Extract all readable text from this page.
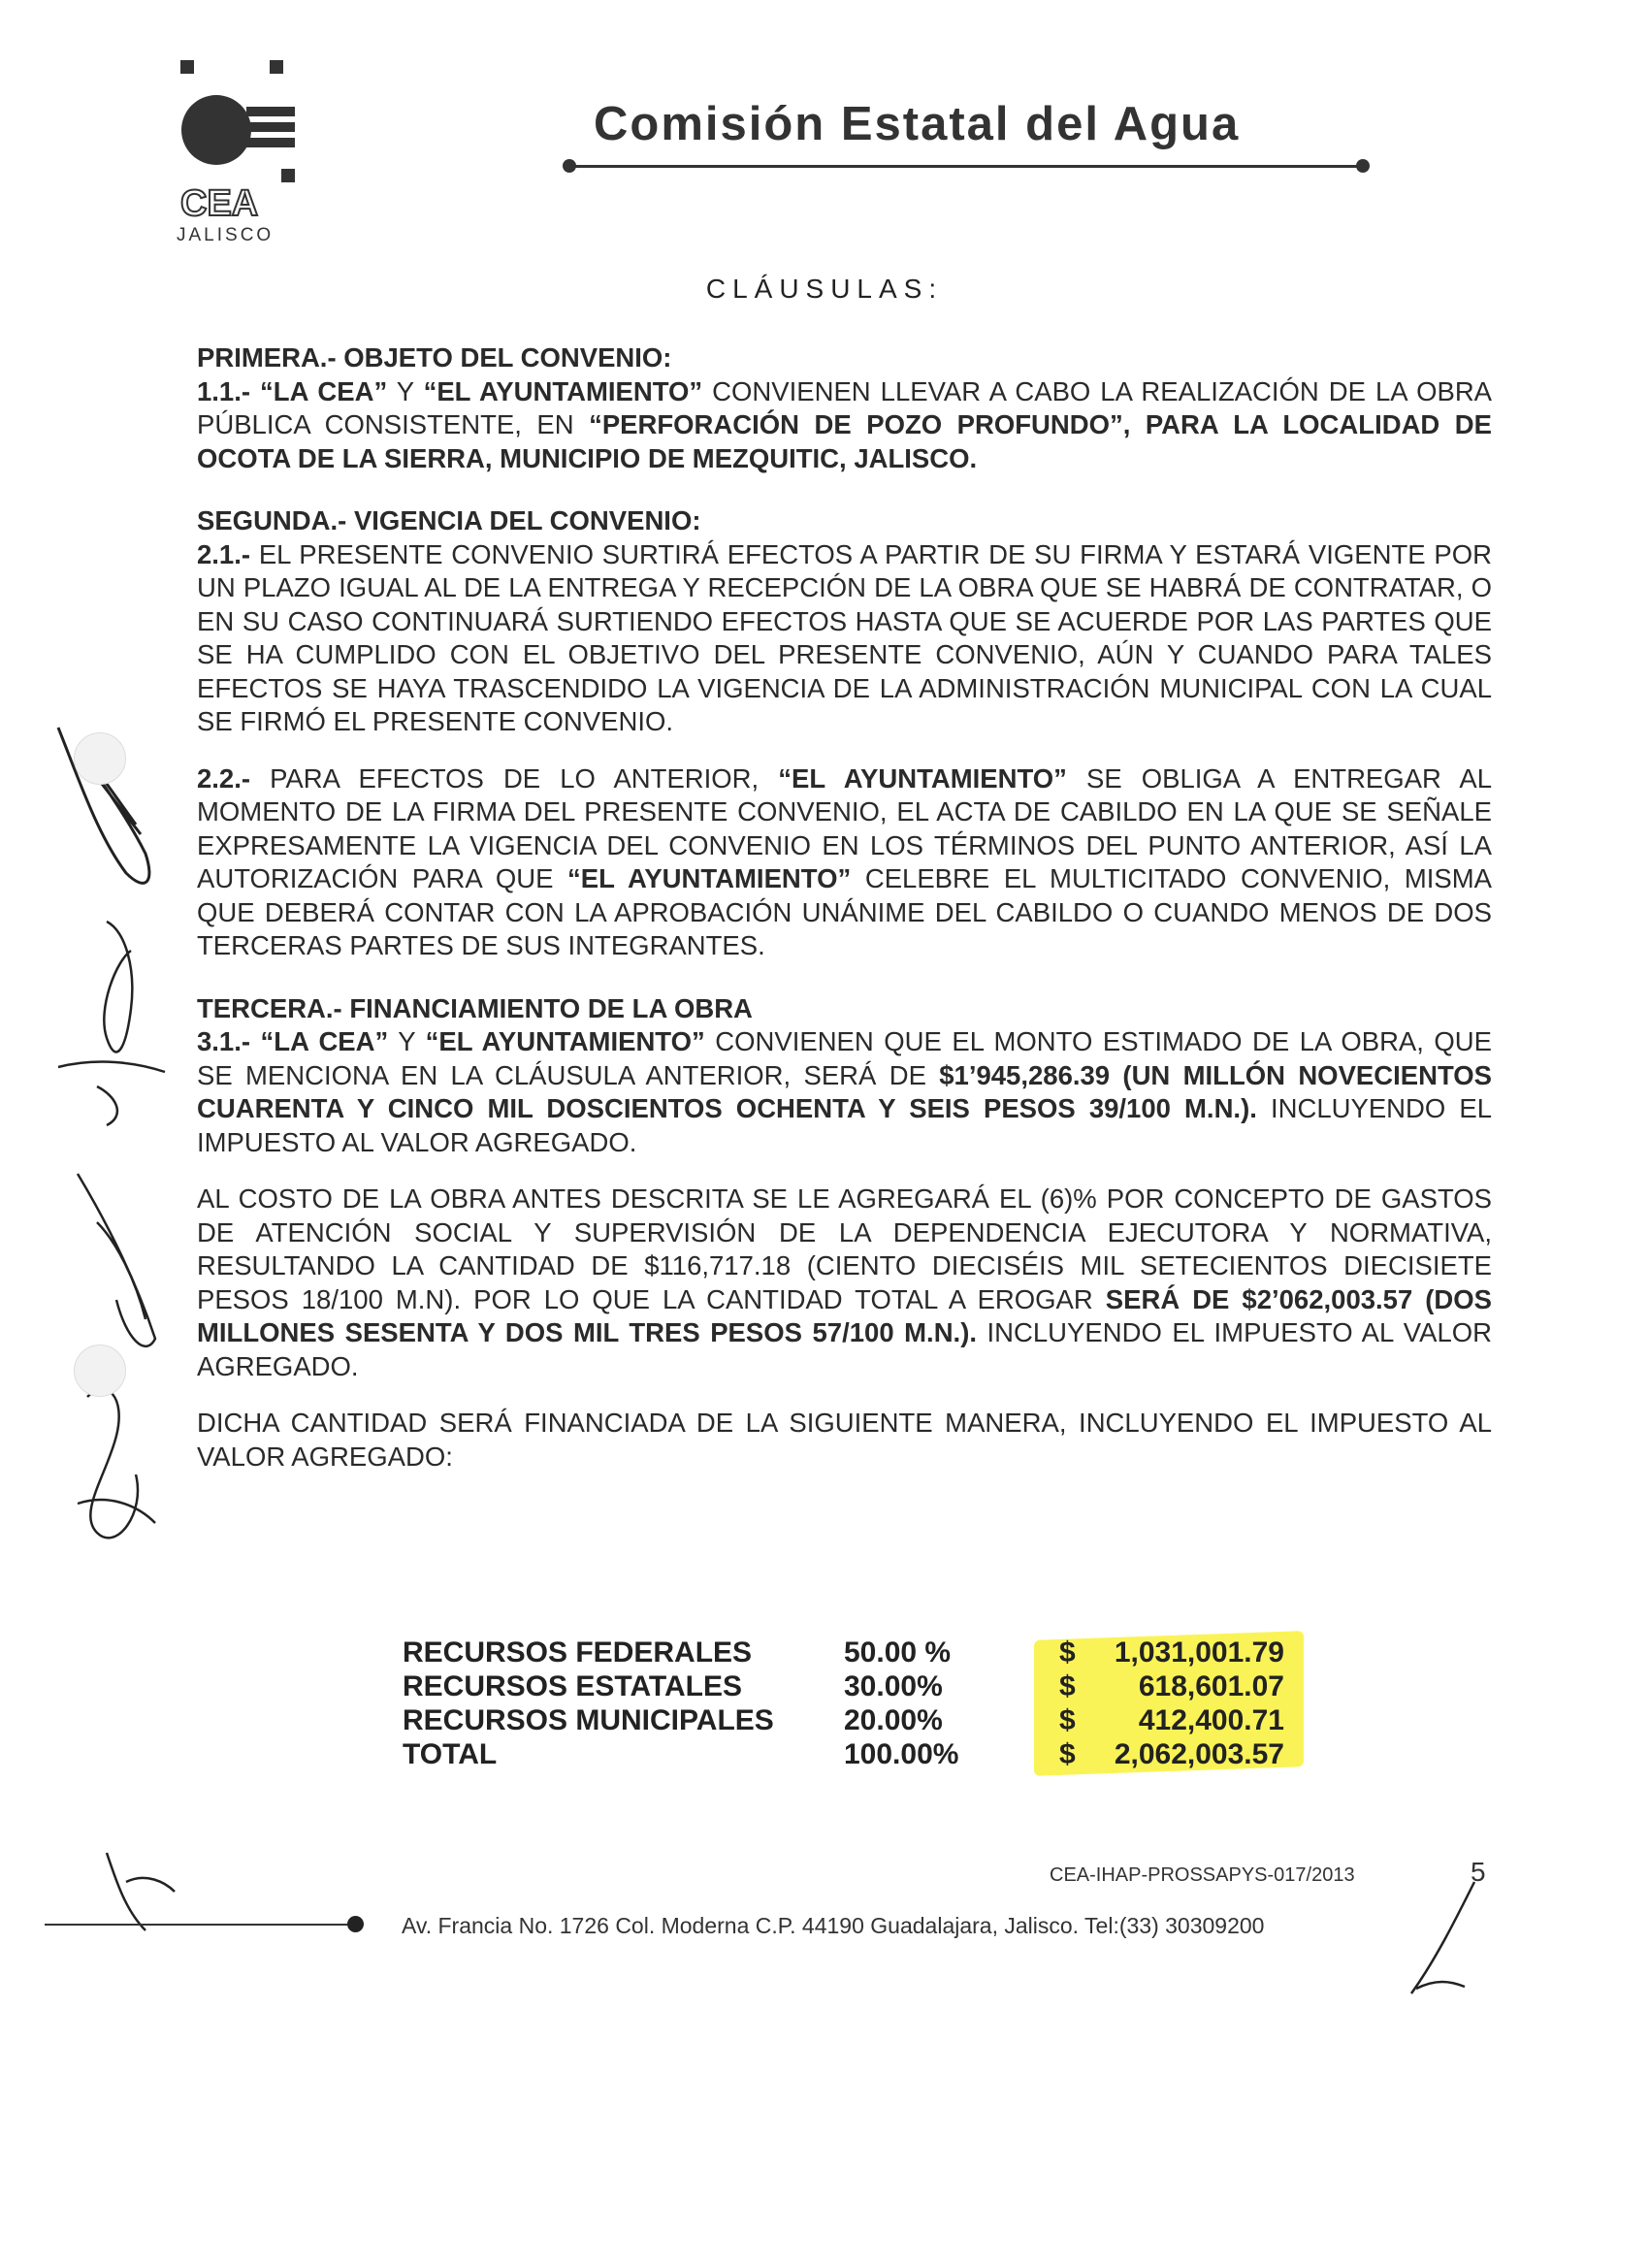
CEA
JALISCO
Comisión Estatal del Agua
CLÁUSULAS:

PRIMERA.- OBJETO DEL CONVENIO:
1.1.- “LA CEA” Y “EL AYUNTAMIENTO” CONVIENEN LLEVAR A CABO LA REALIZACIÓN DE LA OBRA PÚBLICA CONSISTENTE, EN “PERFORACIÓN DE POZO PROFUNDO”, PARA LA LOCALIDAD DE OCOTA DE LA SIERRA, MUNICIPIO DE MEZQUITIC, JALISCO.

SEGUNDA.- VIGENCIA DEL CONVENIO:
2.1.- EL PRESENTE CONVENIO SURTIRÁ EFECTOS A PARTIR DE SU FIRMA Y ESTARÁ VIGENTE POR UN PLAZO IGUAL AL DE LA ENTREGA Y RECEPCIÓN DE LA OBRA QUE SE HABRÁ DE CONTRATAR, O EN SU CASO CONTINUARÁ SURTIENDO EFECTOS HASTA QUE SE ACUERDE POR LAS PARTES QUE SE HA CUMPLIDO CON EL OBJETIVO DEL PRESENTE CONVENIO, AÚN Y CUANDO PARA TALES EFECTOS SE HAYA TRASCENDIDO LA VIGENCIA DE LA ADMINISTRACIÓN MUNICIPAL CON LA CUAL SE FIRMÓ EL PRESENTE CONVENIO.

2.2.- PARA EFECTOS DE LO ANTERIOR, “EL AYUNTAMIENTO” SE OBLIGA A ENTREGAR AL MOMENTO DE LA FIRMA DEL PRESENTE CONVENIO, EL ACTA DE CABILDO EN LA QUE SE SEÑALE EXPRESAMENTE LA VIGENCIA DEL CONVENIO EN LOS TÉRMINOS DEL PUNTO ANTERIOR, ASÍ LA AUTORIZACIÓN PARA QUE “EL AYUNTAMIENTO” CELEBRE EL MULTICITADO CONVENIO, MISMA QUE DEBERÁ CONTAR CON LA APROBACIÓN UNÁNIME DEL CABILDO O CUANDO MENOS DE DOS TERCERAS PARTES DE SUS INTEGRANTES.

TERCERA.- FINANCIAMIENTO DE LA OBRA
3.1.- “LA CEA” Y “EL AYUNTAMIENTO” CONVIENEN QUE EL MONTO ESTIMADO DE LA OBRA, QUE SE MENCIONA EN LA CLÁUSULA ANTERIOR, SERÁ DE $1’945,286.39 (UN MILLÓN NOVECIENTOS CUARENTA Y CINCO MIL DOSCIENTOS OCHENTA Y SEIS PESOS 39/100 M.N.). INCLUYENDO EL IMPUESTO AL VALOR AGREGADO.

AL COSTO DE LA OBRA ANTES DESCRITA SE LE AGREGARÁ EL (6)% POR CONCEPTO DE GASTOS DE ATENCIÓN SOCIAL Y SUPERVISIÓN DE LA DEPENDENCIA EJECUTORA Y NORMATIVA, RESULTANDO LA CANTIDAD DE $116,717.18 (CIENTO DIECISÉIS MIL SETECIENTOS DIECISIETE PESOS 18/100 M.N). POR LO QUE LA CANTIDAD TOTAL A EROGAR SERÁ DE $2’062,003.57 (DOS MILLONES SESENTA Y DOS MIL TRES PESOS 57/100 M.N.). INCLUYENDO EL IMPUESTO AL VALOR AGREGADO.

DICHA CANTIDAD SERÁ FINANCIADA DE LA SIGUIENTE MANERA, INCLUYENDO EL IMPUESTO AL VALOR AGREGADO:

RECURSOS FEDERALES	50.00 %	$ 1,031,001.79

RECURSOS ESTATALES	30.00%	$ 618,601.07

RECURSOS MUNICIPALES	20.00%	$ 412,400.71

TOTAL	100.00%	$ 2,062,003.57
CEA-IHAP-PROSSAPYS-017/2013	5
Av. Francia No. 1726 Col. Moderna C.P. 44190 Guadalajara, Jalisco. Tel:(33) 30309200
